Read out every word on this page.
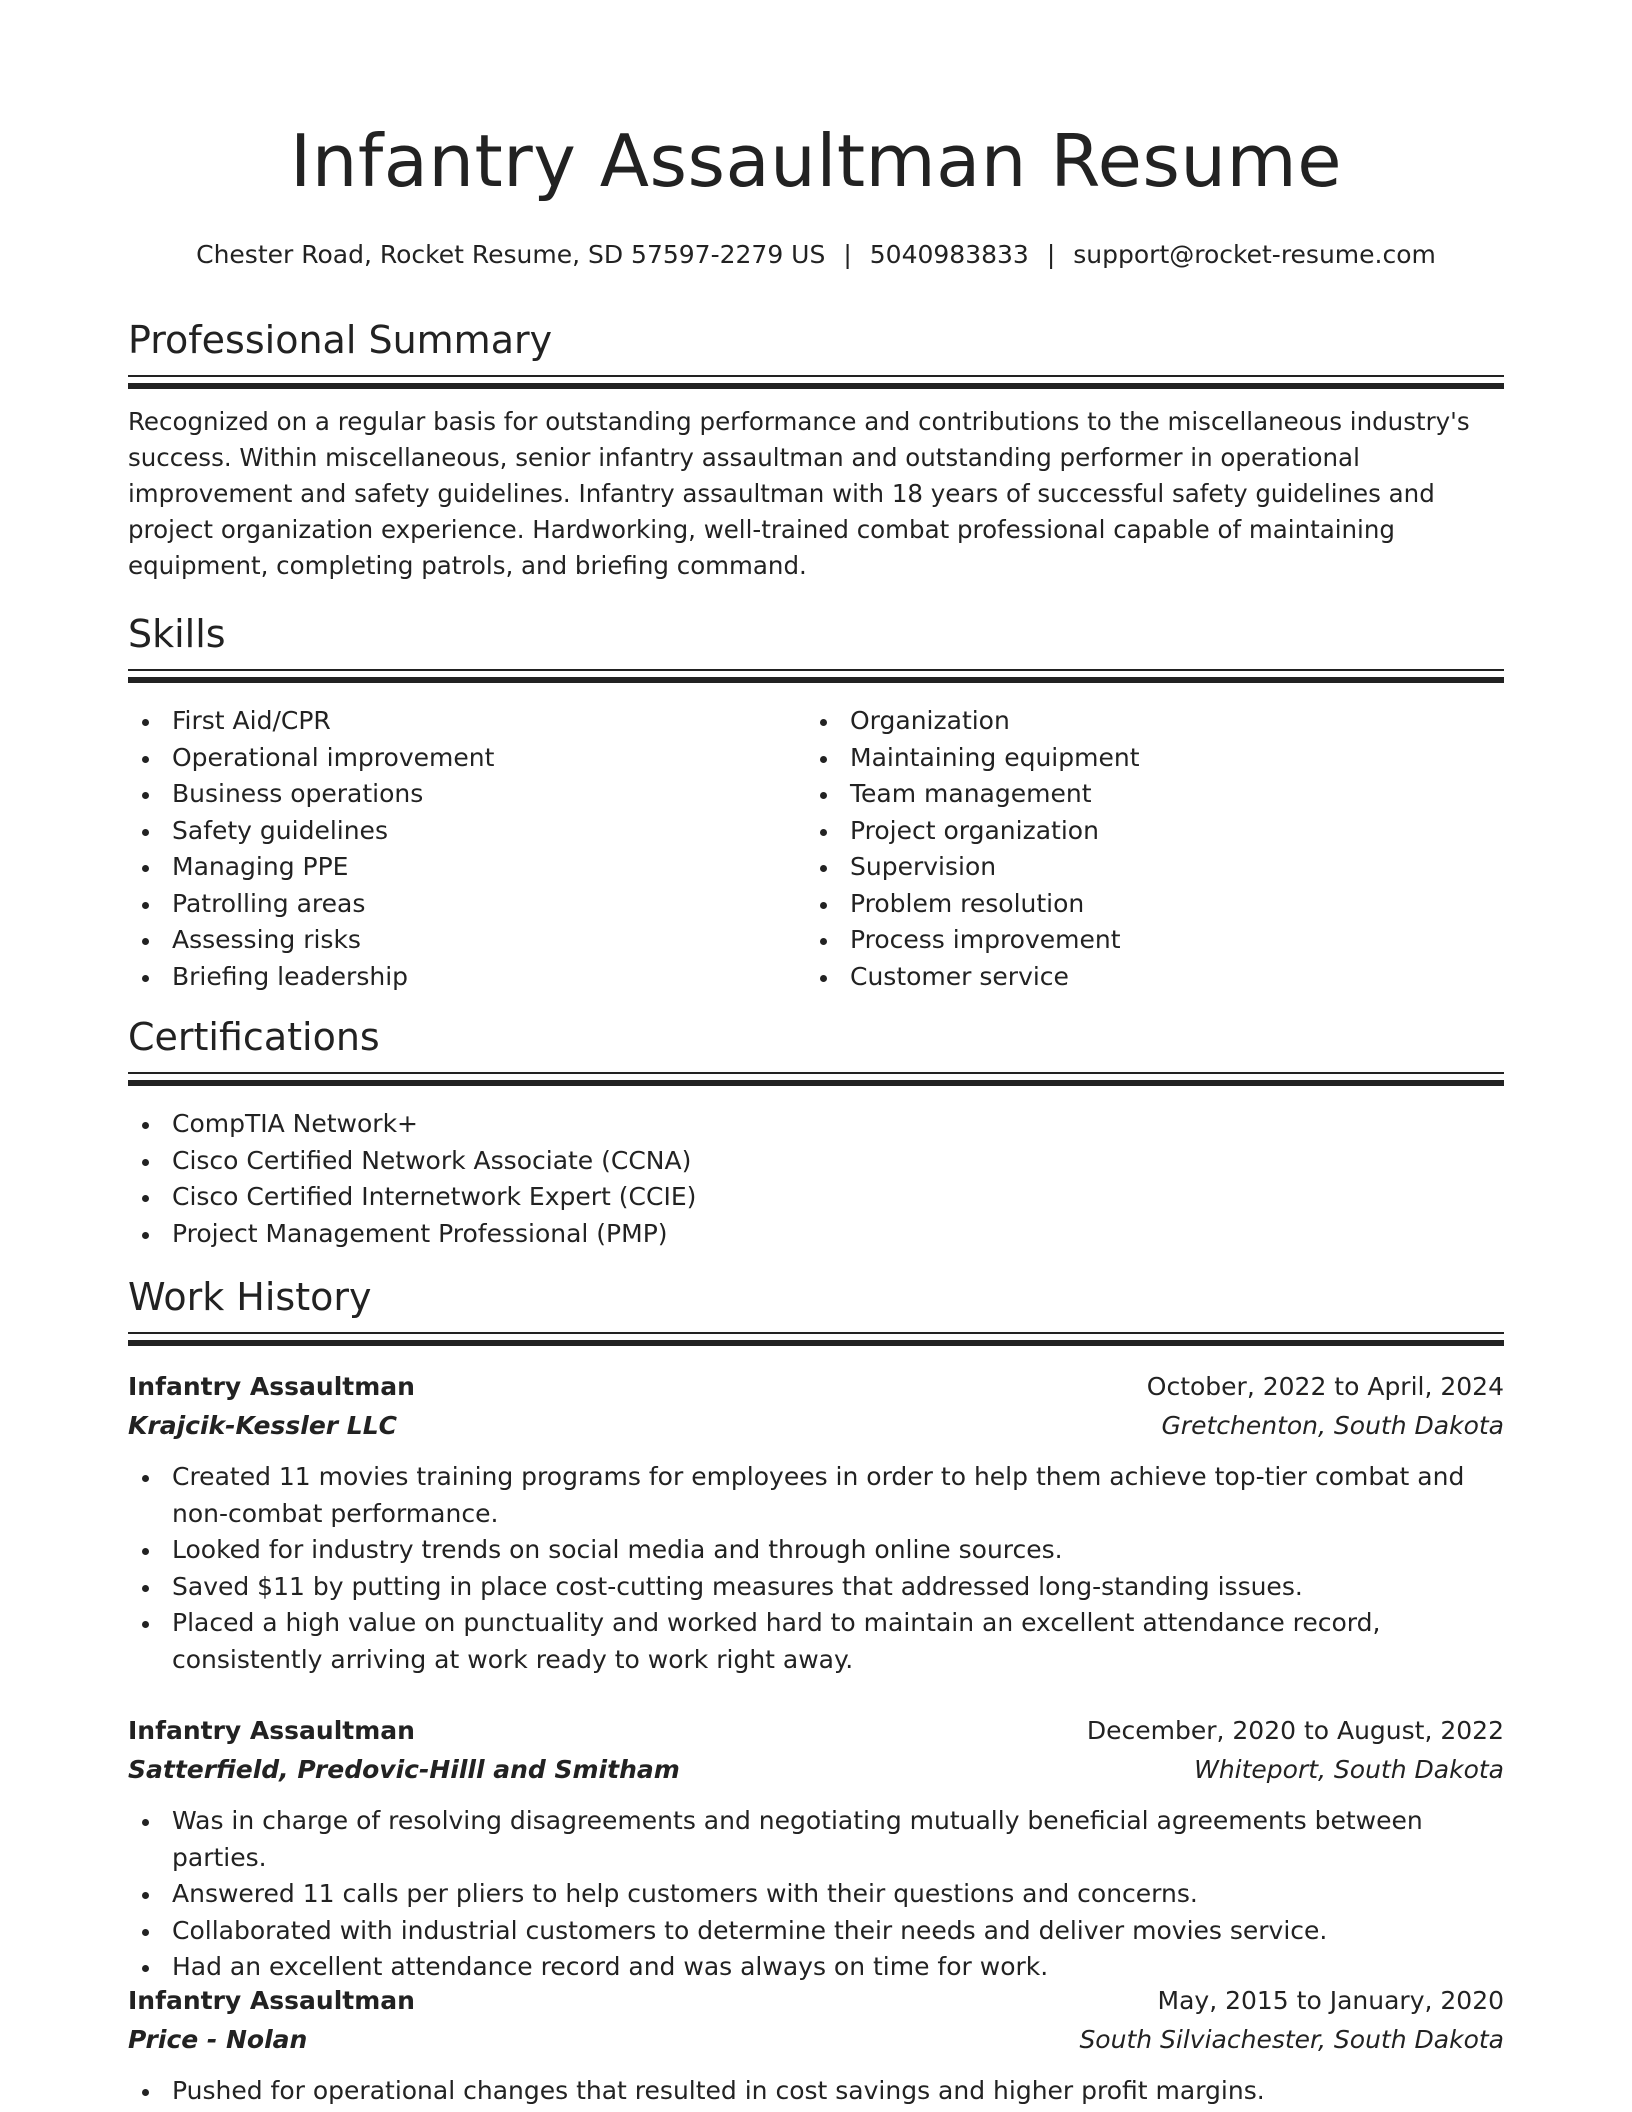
Infantry Assaultman Resume
Chester Road, Rocket Resume, SD 57597-2279 US | 5040983833 | support@rocket-resume.com
Professional Summary

Recognized on a regular basis for outstanding performance and contributions to the miscellaneous industry's success. Within miscellaneous, senior infantry assaultman and outstanding performer in operational improvement and safety guidelines. Infantry assaultman with 18 years of successful safety guidelines and project organization experience. Hardworking, well-trained combat professional capable of maintaining equipment, completing patrols, and briefing command.

Skills
First Aid/CPR
Operational improvement
Business operations
Safety guidelines
Managing PPE
Patrolling areas
Assessing risks
Briefing leadership
Organization
Maintaining equipment
Team management
Project organization
Supervision
Problem resolution
Process improvement
Customer service
Certifications
CompTIA Network+
Cisco Certified Network Associate (CCNA)
Cisco Certified Internetwork Expert (CCIE)
Project Management Professional (PMP)
Work History
Infantry Assaultman	October, 2022 to April, 2024
Krajcik-Kessler LLC	Gretchenton, South Dakota
Created 11 movies training programs for employees in order to help them achieve top-tier combat and non-combat performance.
Looked for industry trends on social media and through online sources.
Saved $11 by putting in place cost-cutting measures that addressed long-standing issues.
Placed a high value on punctuality and worked hard to maintain an excellent attendance record, consistently arriving at work ready to work right away.
Infantry Assaultman	December, 2020 to August, 2022
Satterfield, Predovic-Hilll and Smitham	Whiteport, South Dakota
Was in charge of resolving disagreements and negotiating mutually beneficial agreements between parties.
Answered 11 calls per pliers to help customers with their questions and concerns.
Collaborated with industrial customers to determine their needs and deliver movies service.
Had an excellent attendance record and was always on time for work.
Infantry Assaultman	May, 2015 to January, 2020
Price - Nolan	South Silviachester, South Dakota
Pushed for operational changes that resulted in cost savings and higher profit margins.
